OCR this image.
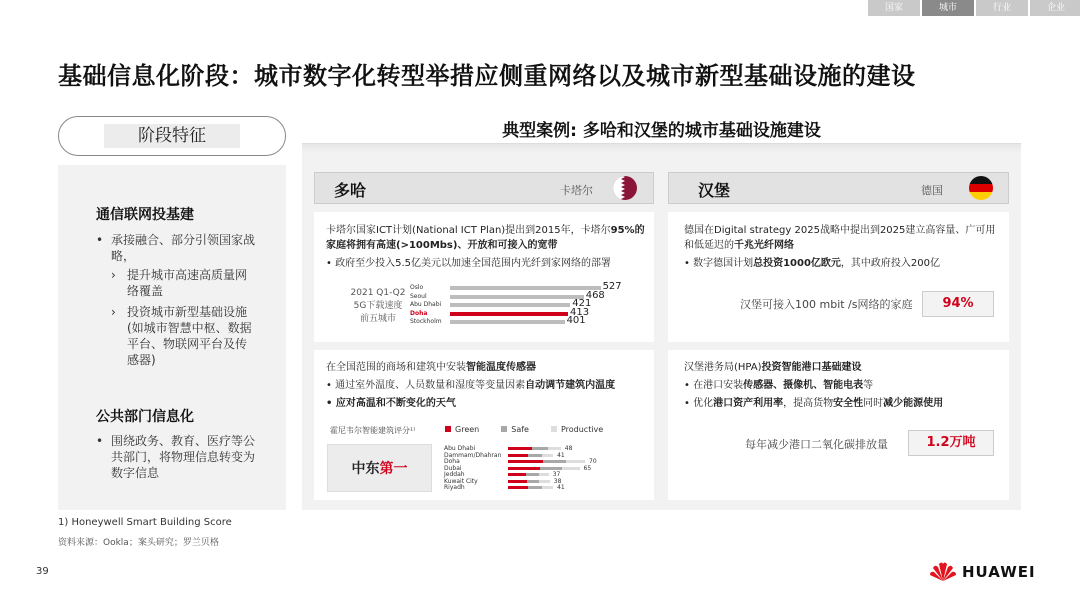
国家	城市	行业	企业
基础信息化阶段：城市数字化转型举措应侧重网络以及城市新型基础设施的建设
阶段特征
通信联网投基建
• 承接融合、部分引领国家战略，
› 提升城市高速高质量网络覆盖
› 投资城市新型基础设施(如城市智慧中枢、数据平台、物联网平台及传感器)
公共部门信息化
• 围绕政务、教育、医疗等公共部门，将物理信息转变为数字信息
典型案例: 多哈和汉堡的城市基础设施建设
多哈	卡塔尔	汉堡	德国
卡塔尔国家ICT计划(National ICT Plan)提出到2015年，卡塔尔95%的
家庭将拥有高速(>100Mbs)、开放和可接入的宽带
• 政府至少投入5.5亿美元以加速全国范围内光纤到家网络的部署
2021 Q1-Q2
5G下载速度
前五城市
Oslo	527
Seoul	468
Abu Dhabi	421
Doha	413
Stockholm	401
在全国范围的商场和建筑中安装智能温度传感器
• 通过室外温度、人员数量和湿度等变量因素自动调节建筑内温度
• 应对高温和不断变化的天气
霍尼韦尔智能建筑评分¹⁾	Green	Safe	Productive
中东第一
Abu Dhabi	48
Dammam/Dhahran	41
Doha	70
Dubai	65
Jeddah	37
Kuwait City	38
Riyadh	41
德国在Digital strategy 2025战略中提出到2025建立高容量、广可用
和低延迟的千兆光纤网络
• 数字德国计划总投资1000亿欧元，其中政府投入200亿
汉堡可接入100 mbit /s网络的家庭	94%
汉堡港务局(HPA)投资智能港口基础建设
• 在港口安装传感器、摄像机、智能电表等
• 优化港口资产利用率，提高货物安全性同时减少能源使用
每年减少港口二氧化碳排放量	1.2万吨
1) Honeywell Smart Building Score
资料来源：Ookla；案头研究；罗兰贝格
39	HUAWEI
